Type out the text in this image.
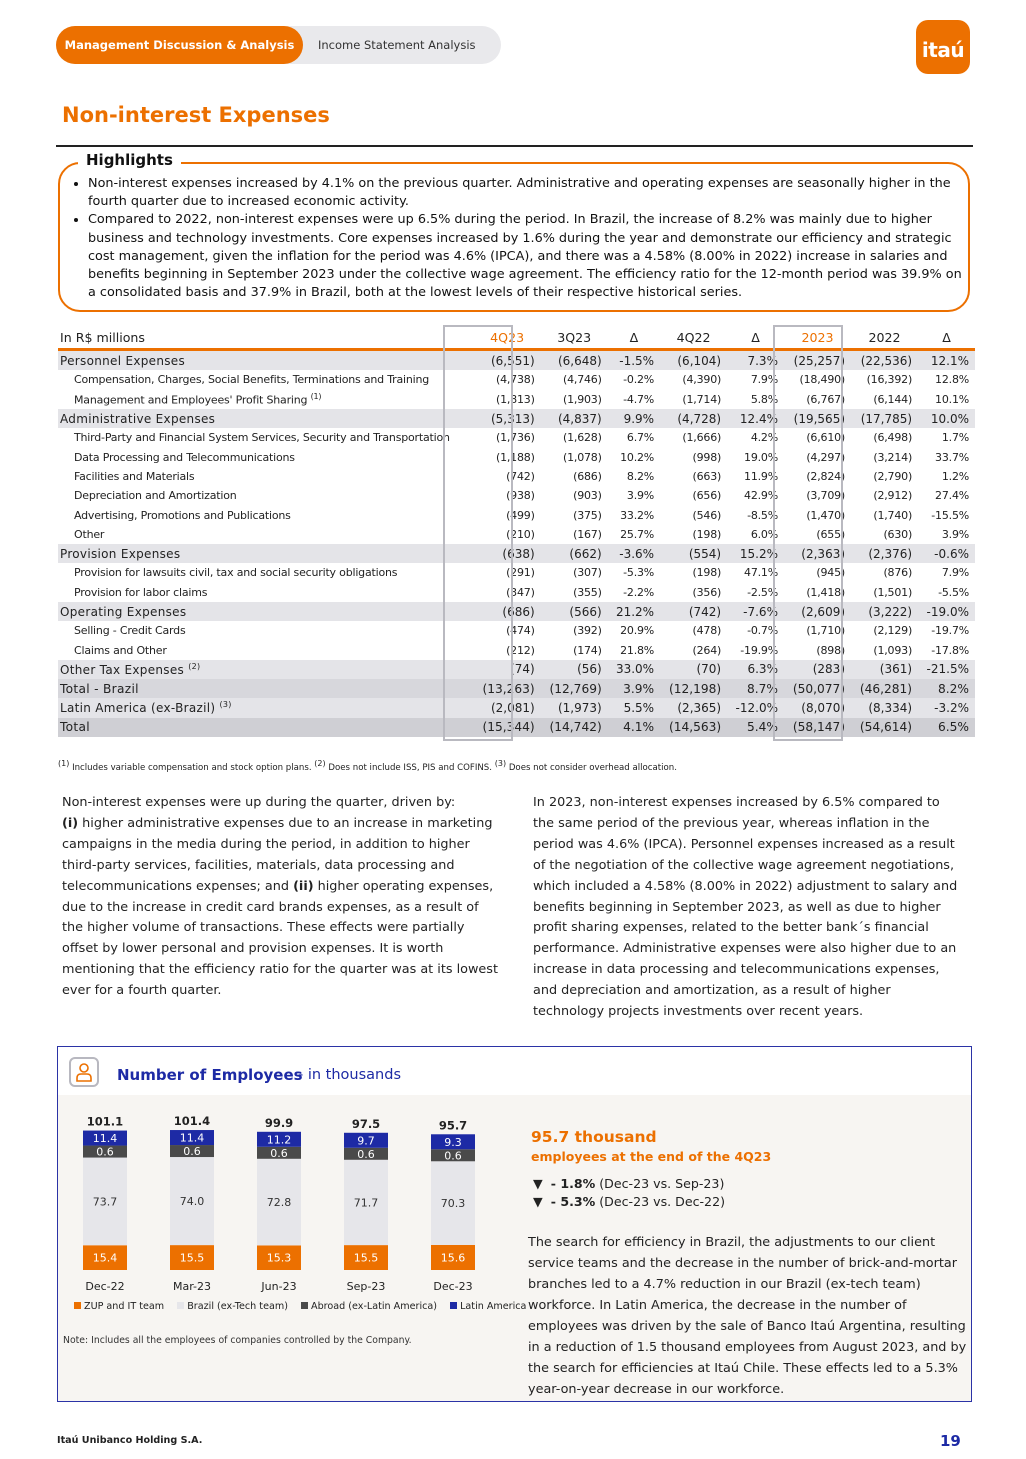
Management Discussion & Analysis	Income Statement Analysis	itaú
Non-interest Expenses
Highlights
• Non-interest expenses increased by 4.1% on the previous quarter. Administrative and operating expenses are seasonally higher in the fourth quarter due to increased economic activity.
• Compared to 2022, non-interest expenses were up 6.5% during the period. In Brazil, the increase of 8.2% was mainly due to higher business and technology investments. Core expenses increased by 1.6% during the year and demonstrate our efficiency and strategic cost management, given the inflation for the period was 4.6% (IPCA), and there was a 4.58% (8.00% in 2022) increase in salaries and benefits beginning in September 2023 under the collective wage agreement. The efficiency ratio for the 12-month period was 39.9% on a consolidated basis and 37.9% in Brazil, both at the lowest levels of their respective historical series.
In R$ millions	4Q23	3Q23	Δ	4Q22	Δ	2023	2022	Δ
Personnel Expenses	(6,551)	(6,648)	-1.5%	(6,104)	7.3%	(25,257)	(22,536)	12.1%
Compensation, Charges, Social Benefits, Terminations and Training	(4,738)	(4,746)	-0.2%	(4,390)	7.9%	(18,490)	(16,392)	12.8%
Management and Employees' Profit Sharing $^{(1)}$	(1,813)	(1,903)	-4.7%	(1,714)	5.8%	(6,767)	(6,144)	10.1%
Administrative Expenses	(5,313)	(4,837)	9.9%	(4,728)	12.4%	(19,565)	(17,785)	10.0%
Third-Party and Financial System Services, Security and Transportation	(1,736)	(1,628)	6.7%	(1,666)	4.2%	(6,610)	(6,498)	1.7%
Data Processing and Telecommunications	(1,188)	(1,078)	10.2%	(998)	19.0%	(4,297)	(3,214)	33.7%
Facilities and Materials	(742)	(686)	8.2%	(663)	11.9%	(2,824)	(2,790)	1.2%
Depreciation and Amortization	(938)	(903)	3.9%	(656)	42.9%	(3,709)	(2,912)	27.4%
Advertising, Promotions and Publications	(499)	(375)	33.2%	(546)	-8.5%	(1,470)	(1,740)	-15.5%
Other	(210)	(167)	25.7%	(198)	6.0%	(655)	(630)	3.9%
Provision Expenses	(638)	(662)	-3.6%	(554)	15.2%	(2,363)	(2,376)	-0.6%
Provision for lawsuits civil, tax and social security obligations	(291)	(307)	-5.3%	(198)	47.1%	(945)	(876)	7.9%
Provision for labor claims	(347)	(355)	-2.2%	(356)	-2.5%	(1,418)	(1,501)	-5.5%
Operating Expenses	(686)	(566)	21.2%	(742)	-7.6%	(2,609)	(3,222)	-19.0%
Selling - Credit Cards	(474)	(392)	20.9%	(478)	-0.7%	(1,710)	(2,129)	-19.7%
Claims and Other	(212)	(174)	21.8%	(264)	-19.9%	(898)	(1,093)	-17.8%
Other Tax Expenses $^{(2)}$	(74)	(56)	33.0%	(70)	6.3%	(283)	(361)	-21.5%
Total - Brazil	(13,263)	(12,769)	3.9%	(12,198)	8.7%	(50,077)	(46,281)	8.2%
Latin America (ex-Brazil) $^{(3)}$	(2,081)	(1,973)	5.5%	(2,365)	-12.0%	(8,070)	(8,334)	-3.2%
Total	(15,344)	(14,742)	4.1%	(14,563)	5.4%	(58,147)	(54,614)	6.5%
$^{(1)}$ Includes variable compensation and stock option plans. $^{(2)}$ Does not include ISS, PIS and COFINS. $^{(3)}$ Does not consider overhead allocation.
Non-interest expenses were up during the quarter, driven by:
(i) higher administrative expenses due to an increase in marketing campaigns in the media during the period, in addition to higher third-party services, facilities, materials, data processing and telecommunications expenses; and (ii) higher operating expenses, due to the increase in credit card brands expenses, as a result of the higher volume of transactions. These effects were partially offset by lower personal and provision expenses. It is worth mentioning that the efficiency ratio for the quarter was at its lowest ever for a fourth quarter.
In 2023, non-interest expenses increased by 6.5% compared to the same period of the previous year, whereas inflation in the period was 4.6% (IPCA). Personnel expenses increased as a result of the negotiation of the collective wage agreement negotiations, which included a 4.58% (8.00% in 2022) adjustment to salary and benefits beginning in September 2023, as well as due to higher profit sharing expenses, related to the better bank´s financial performance. Administrative expenses were also higher due to an increase in data processing and telecommunications expenses, and depreciation and amortization, as a result of higher technology projects investments over recent years.
Number of Employees
- in thousands
15.4
73.7
0.6
11.4
101.1
Dec-22
15.5
74.0
0.6
11.4
101.4
Mar-23
15.3
72.8
0.6
11.2
99.9
Jun-23
15.5
71.7
0.6
9.7
97.5
Sep-23
15.6
70.3
0.6
9.3
95.7
Dec-23
ZUP and IT team Brazil (ex-Tech team) Abroad (ex-Latin America) Latin America
Note: Includes all the employees of companies controlled by the Company.
95.7 thousand
employees at the end of the 4Q23
▼ - 1.8% (Dec-23 vs. Sep-23)
▼ - 5.3% (Dec-23 vs. Dec-22)
The search for efficiency in Brazil, the adjustments to our client service teams and the decrease in the number of brick-and-mortar branches led to a 4.7% reduction in our Brazil (ex-tech team) workforce. In Latin America, the decrease in the number of employees was driven by the sale of Banco Itaú Argentina, resulting in a reduction of 1.5 thousand employees from August 2023, and by the search for efficiencies at Itaú Chile. These effects led to a 5.3% year-on-year decrease in our workforce.
Itaú Unibanco Holding S.A.	19
